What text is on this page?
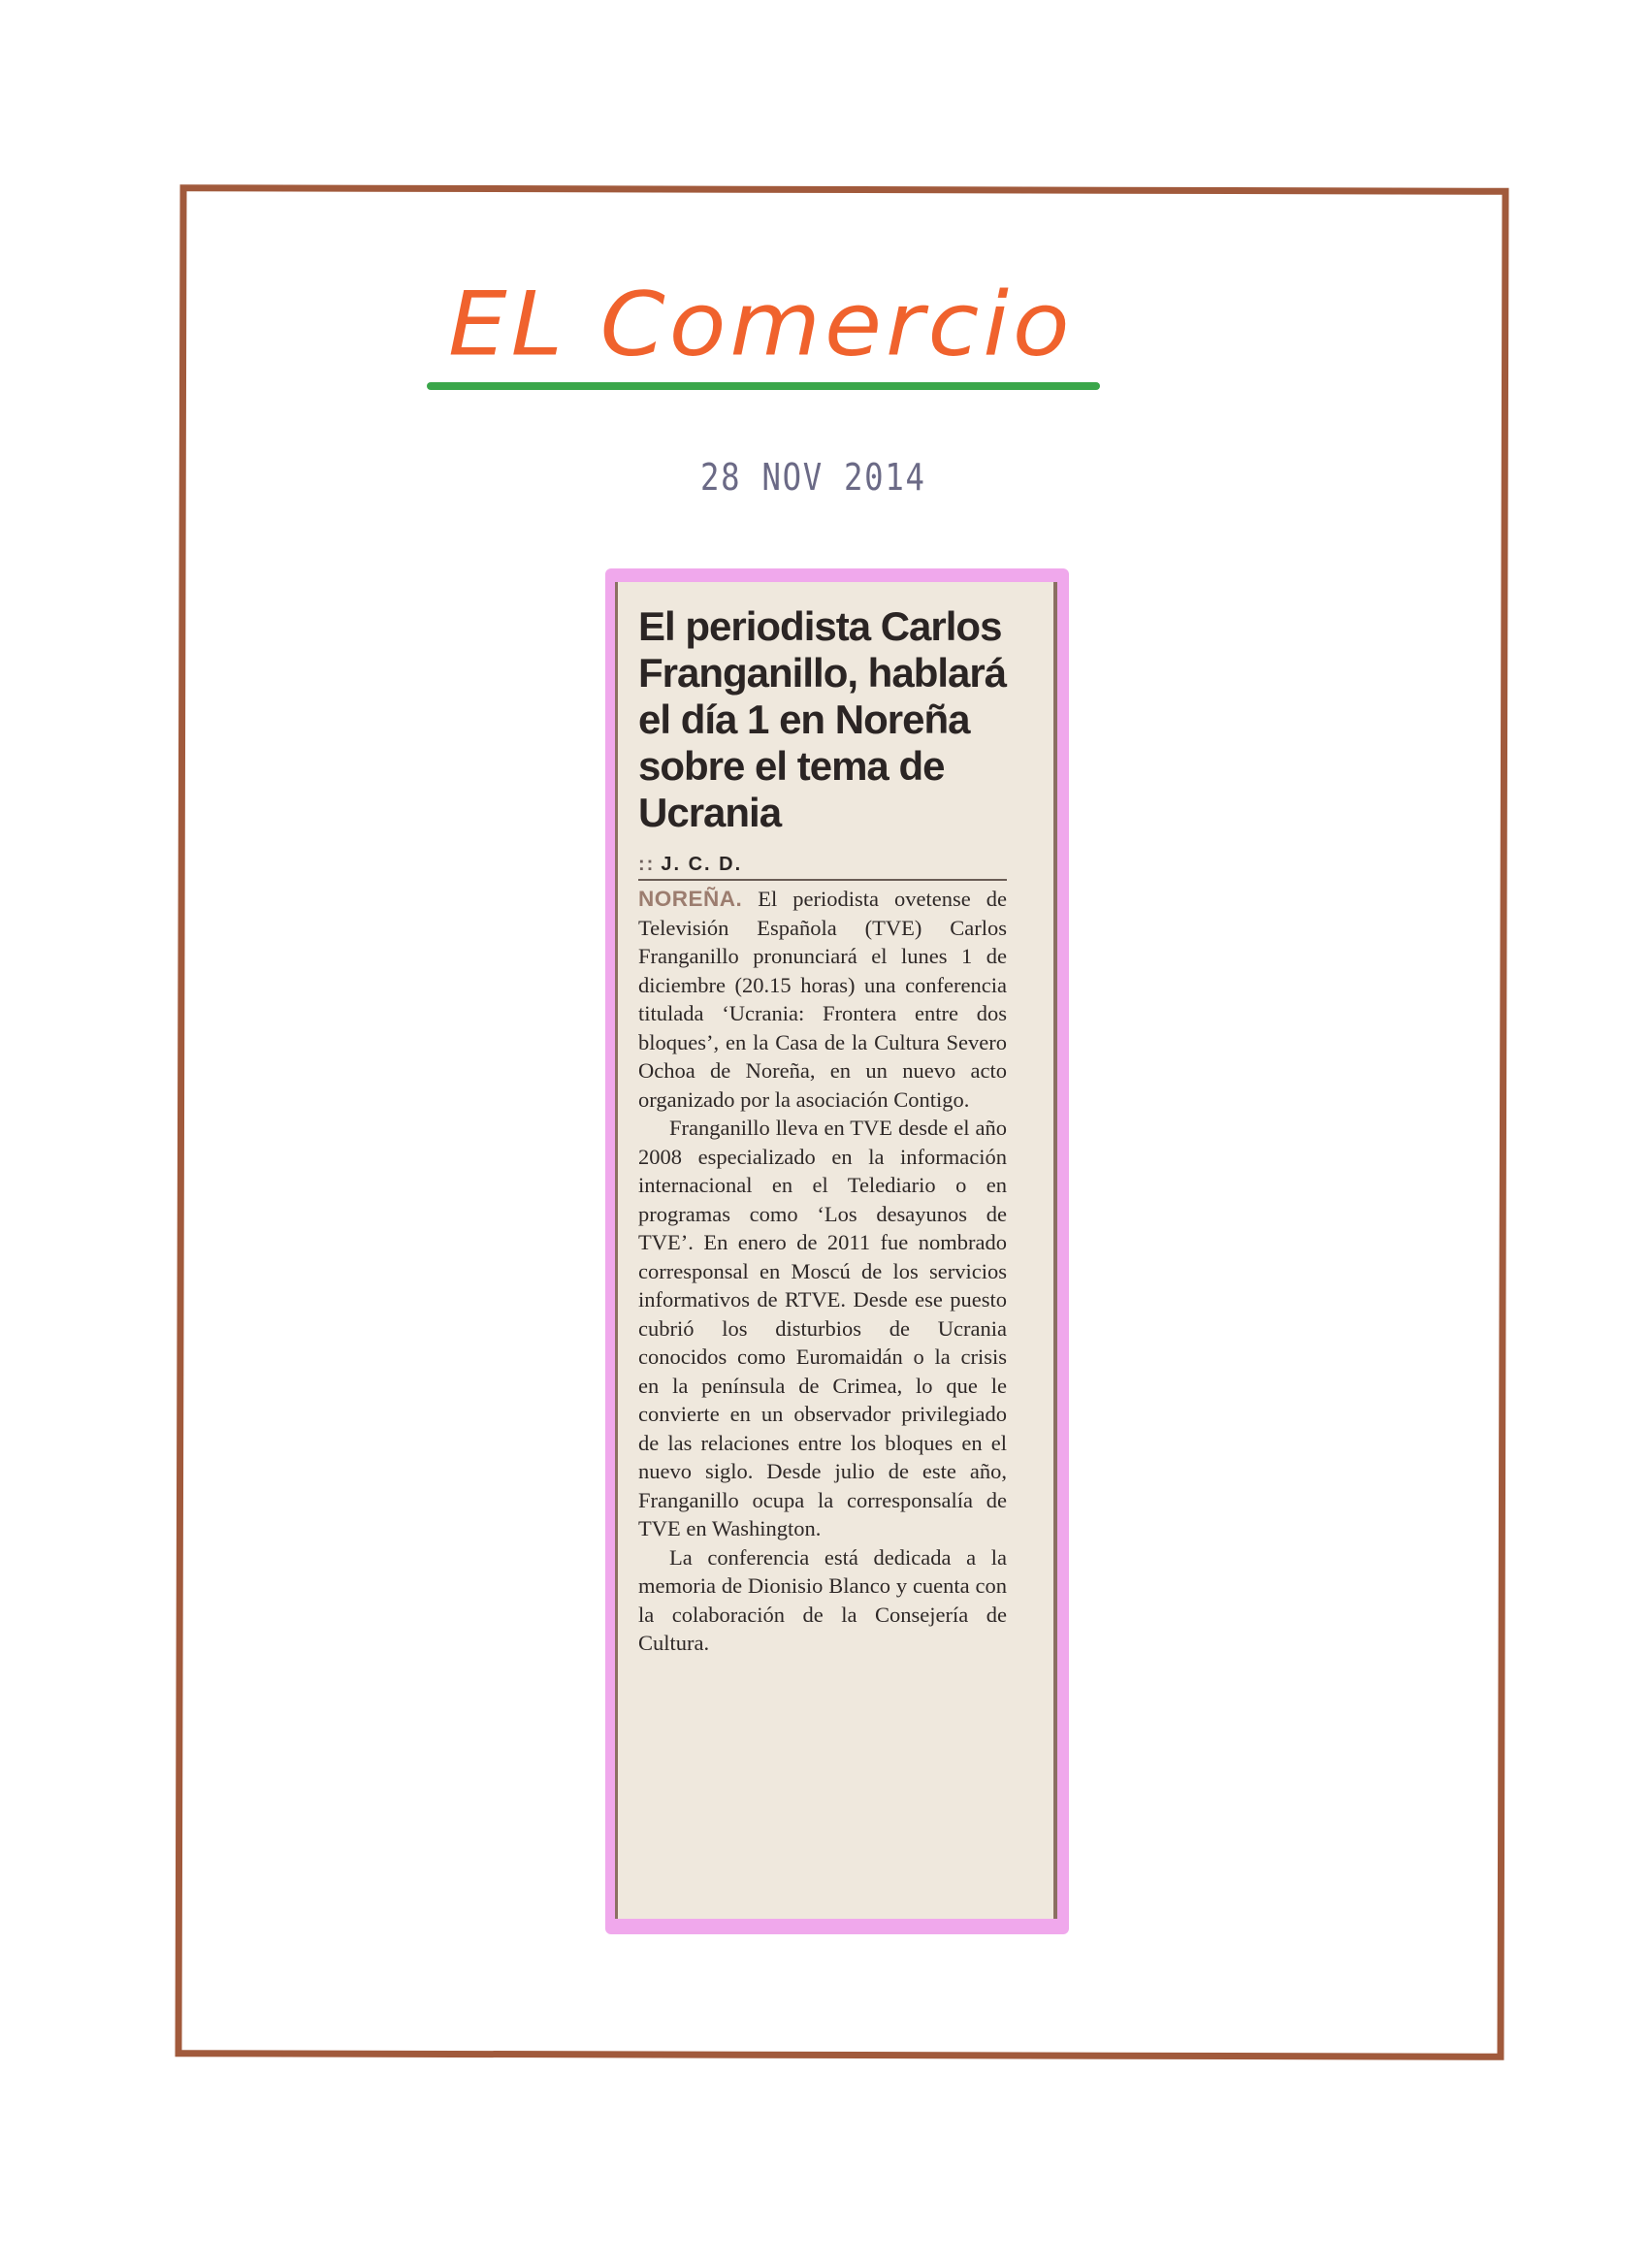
EL Comercio
28 NOV 2014
El periodista Carlos Franganillo, hablará el día 1 en Noreña sobre el tema de Ucrania
:: J. C. D.

NOREÑA. El periodista ovetense de Televisión Española (TVE) Carlos Franganillo pronunciará el lunes 1 de diciembre (20.15 horas) una conferencia titulada ‘Ucrania: Frontera entre dos bloques’, en la Casa de la Cultura Severo Ochoa de Noreña, en un nuevo acto organizado por la asociación Contigo.

Franganillo lleva en TVE desde el año 2008 especializado en la información internacional en el Telediario o en programas como ‘Los desayunos de TVE’. En enero de 2011 fue nombrado corresponsal en Moscú de los servicios informativos de RTVE. Desde ese puesto cubrió los disturbios de Ucrania conocidos como Euromaidán o la crisis en la península de Crimea, lo que le convierte en un observador privilegiado de las relaciones entre los bloques en el nuevo siglo. Desde julio de este año, Franganillo ocupa la corresponsalía de TVE en Washington.

La conferencia está dedicada a la memoria de Dionisio Blanco y cuenta con la colaboración de la Consejería de Cultura.
